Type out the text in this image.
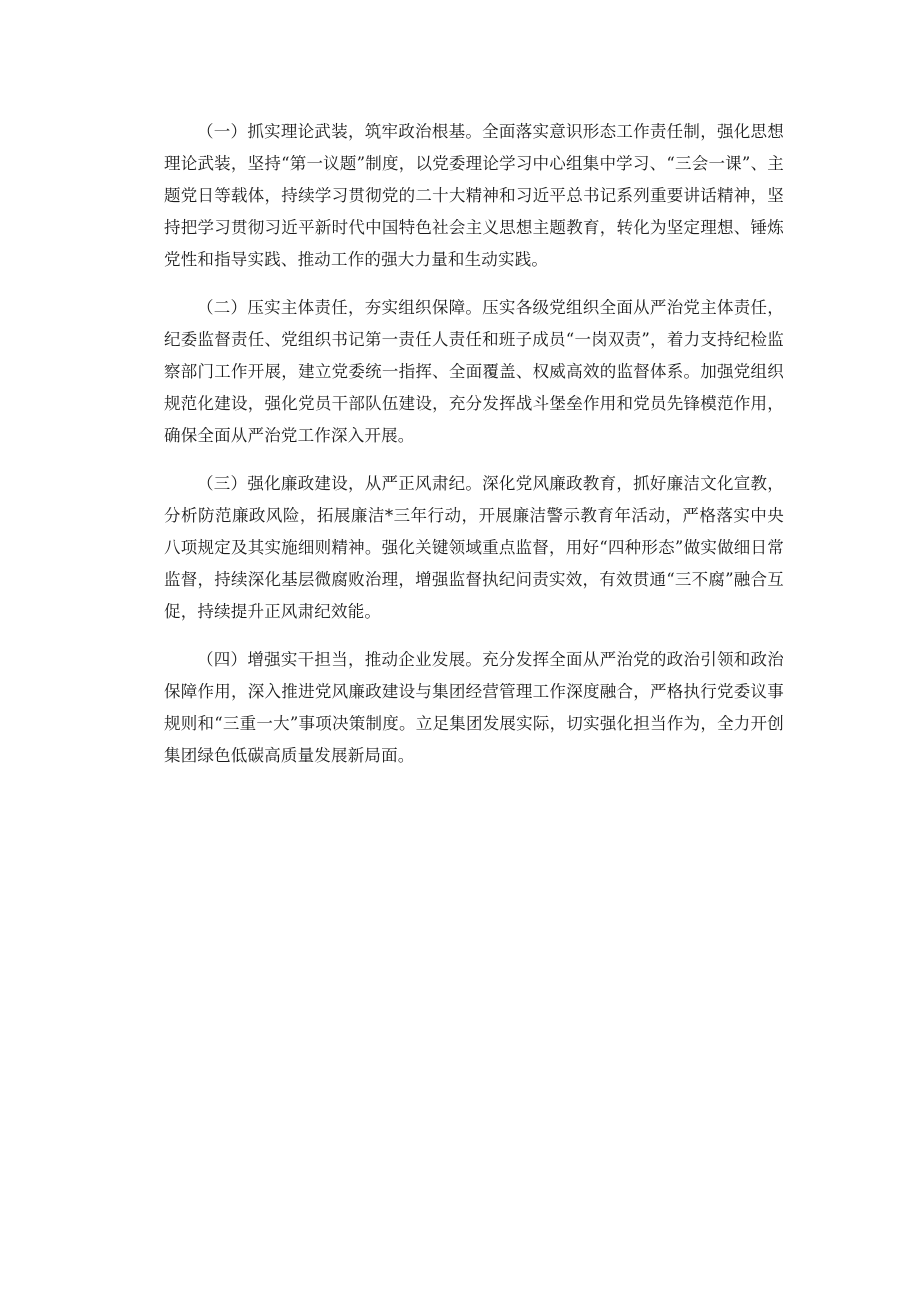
（一）抓实理论武装，筑牢政治根基。全面落实意识形态工作责任制，强化思想理论武装，坚持“第一议题”制度，以党委理论学习中心组集中学习、“三会一课”、主题党日等载体，持续学习贯彻党的二十大精神和习近平总书记系列重要讲话精神，坚持把学习贯彻习近平新时代中国特色社会主义思想主题教育，转化为坚定理想、锤炼党性和指导实践、推动工作的强大力量和生动实践。

（二）压实主体责任，夯实组织保障。压实各级党组织全面从严治党主体责任，纪委监督责任、党组织书记第一责任人责任和班子成员“一岗双责”，着力支持纪检监察部门工作开展，建立党委统一指挥、全面覆盖、权威高效的监督体系。加强党组织规范化建设，强化党员干部队伍建设，充分发挥战斗堡垒作用和党员先锋模范作用，确保全面从严治党工作深入开展。

（三）强化廉政建设，从严正风肃纪。深化党风廉政教育，抓好廉洁文化宣教，分析防范廉政风险，拓展廉洁*三年行动，开展廉洁警示教育年活动，严格落实中央八项规定及其实施细则精神。强化关键领域重点监督，用好“四种形态”做实做细日常监督，持续深化基层微腐败治理，增强监督执纪问责实效，有效贯通“三不腐”融合互促，持续提升正风肃纪效能。

（四）增强实干担当，推动企业发展。充分发挥全面从严治党的政治引领和政治保障作用，深入推进党风廉政建设与集团经营管理工作深度融合，严格执行党委议事规则和“三重一大”事项决策制度。立足集团发展实际，切实强化担当作为，全力开创集团绿色低碳高质量发展新局面。
